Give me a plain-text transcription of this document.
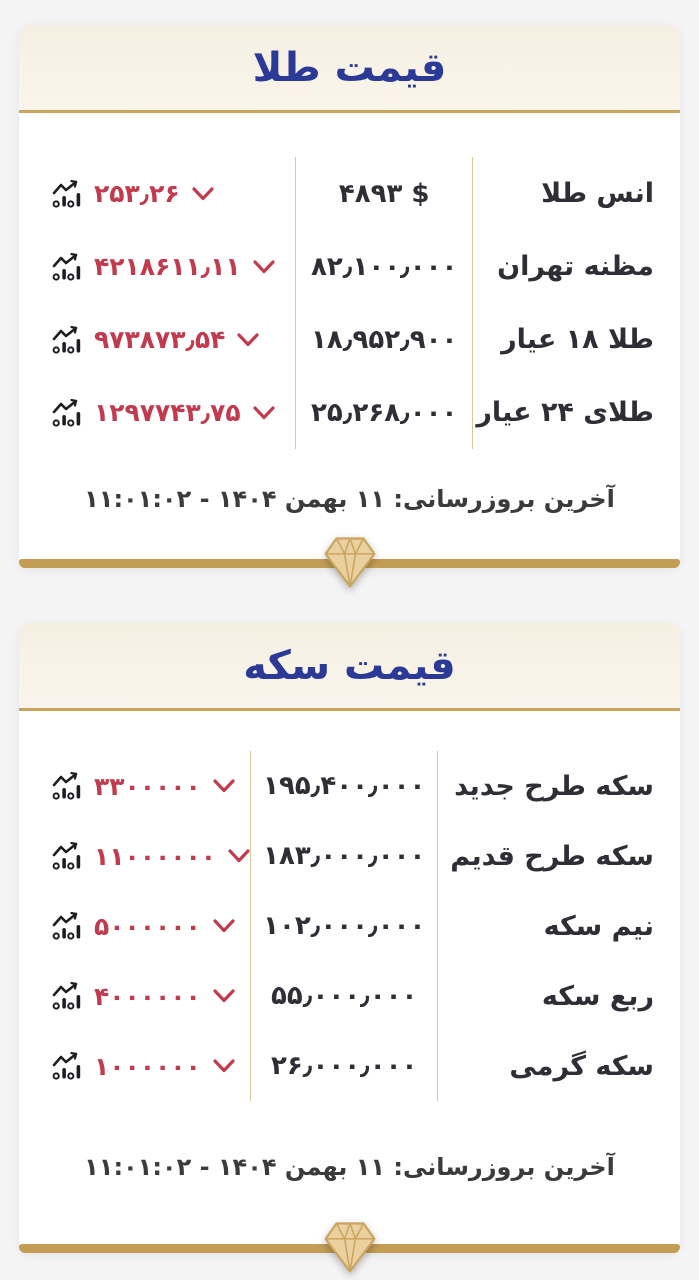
قیمت طلا
۲۵۳٫۲۶	۴۸۹۳ $	انس طلا
۴۲۱۸۶۱۱٫۱۱	۸۲٫۱۰۰٫۰۰۰	مظنه تهران
۹۷۳۸۷۳٫۵۴	۱۸٫۹۵۲٫۹۰۰	طلا ۱۸ عیار
۱۲۹۷۷۴۳٫۷۵	۲۵٫۲۶۸٫۰۰۰ طلای ۲۴ عیار
آخرین بروزرسانی: ۱۱ بهمن ۱۴۰۴ - ۱۱:۰۱:۰۲
قیمت سکه
۳۳۰۰۰۰۰	۱۹۵٫۴۰۰٫۰۰۰	سکه طرح جدید
۱۱۰۰۰۰۰۰	۱۸۳٫۰۰۰٫۰۰۰ سکه طرح قدیم
۵۰۰۰۰۰۰	۱۰۲٫۰۰۰٫۰۰۰	نیم سکه
۴۰۰۰۰۰۰	۵۵٫۰۰۰٫۰۰۰	ربع سکه
۱۰۰۰۰۰۰	۲۶٫۰۰۰٫۰۰۰	سکه گرمی
آخرین بروزرسانی: ۱۱ بهمن ۱۴۰۴ - ۱۱:۰۱:۰۲
